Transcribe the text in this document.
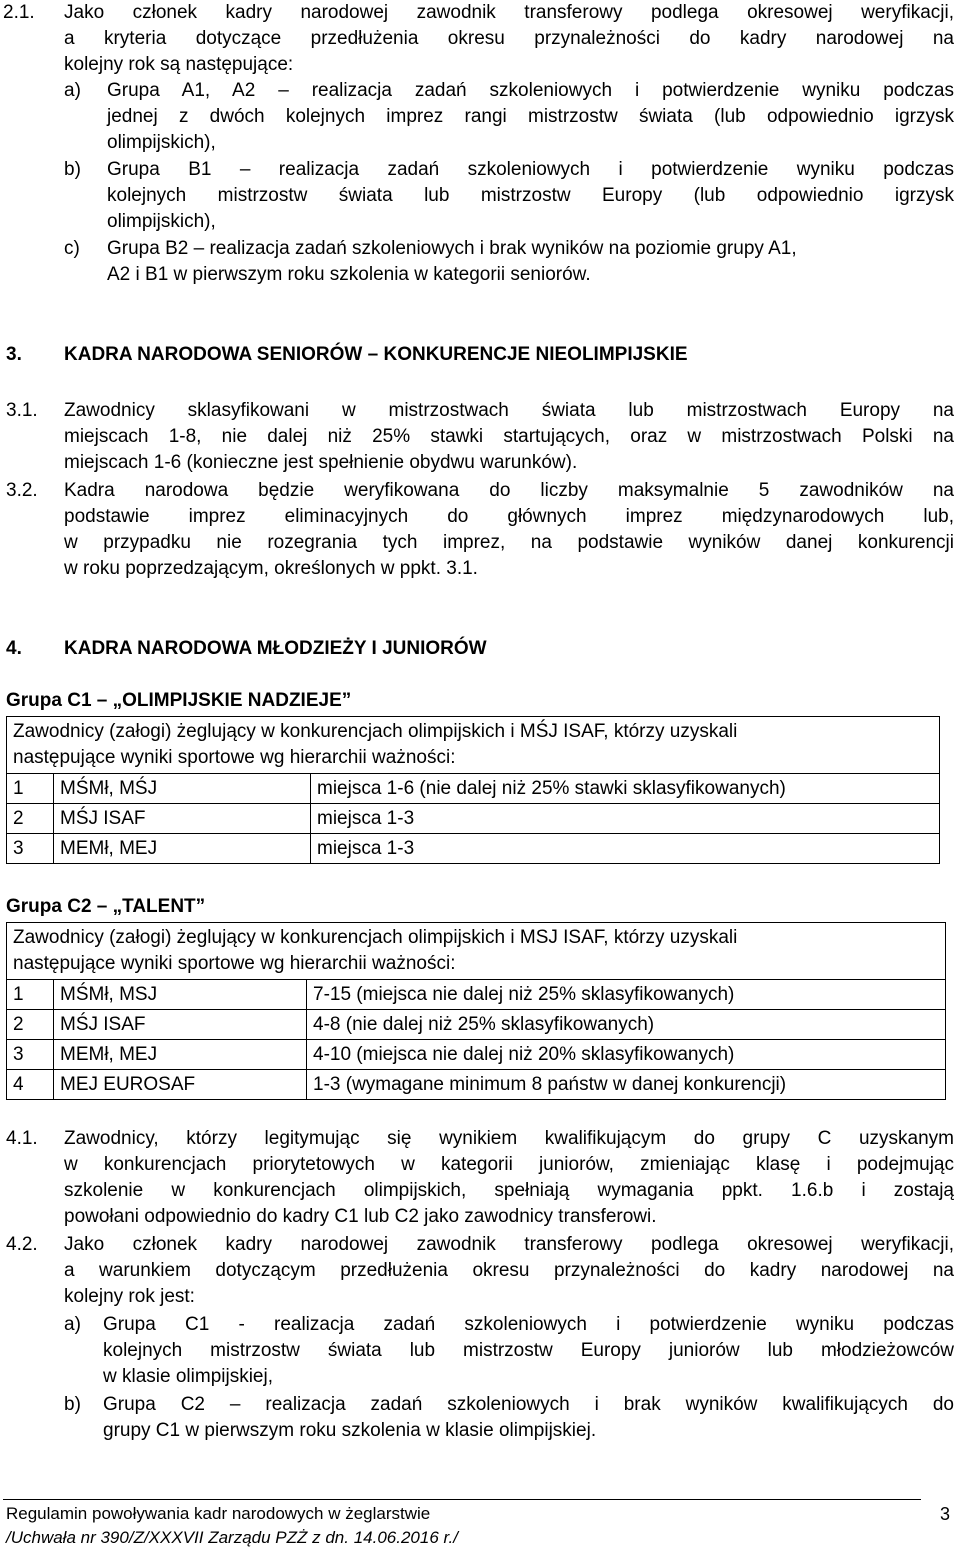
2.1. Jako członek kadry narodowej zawodnik transferowy podlega okresowej weryfikacji,
a kryteria dotyczące przedłużenia okresu przynależności do kadry narodowej na
kolejny rok są następujące:
a) Grupa A1, A2 – realizacja zadań szkoleniowych i potwierdzenie wyniku podczas
jednej z dwóch kolejnych imprez rangi mistrzostw świata (lub odpowiednio igrzysk
olimpijskich),
b) Grupa B1 – realizacja zadań szkoleniowych i potwierdzenie wyniku podczas
kolejnych mistrzostw świata lub mistrzostw Europy (lub odpowiednio igrzysk
olimpijskich),
c) Grupa B2 – realizacja zadań szkoleniowych i brak wyników na poziomie grupy A1,
A2 i B1 w pierwszym roku szkolenia w kategorii seniorów.
3. KADRA NARODOWA SENIORÓW – KONKURENCJE NIEOLIMPIJSKIE
3.1. Zawodnicy sklasyfikowani w mistrzostwach świata lub mistrzostwach Europy na
miejscach 1-8, nie dalej niż 25% stawki startujących, oraz w mistrzostwach Polski na
miejscach 1-6 (konieczne jest spełnienie obydwu warunków).
3.2. Kadra narodowa będzie weryfikowana do liczby maksymalnie 5 zawodników na
podstawie imprez eliminacyjnych do głównych imprez międzynarodowych lub,
w przypadku nie rozegrania tych imprez, na podstawie wyników danej konkurencji
w roku poprzedzającym, określonych w ppkt. 3.1.
4. KADRA NARODOWA MŁODZIEŻY I JUNIORÓW
Grupa C1 – „OLIMPIJSKIE NADZIEJE”
Zawodnicy (załogi) żeglujący w konkurencjach olimpijskich i MŚJ ISAF, którzy uzyskali
następujące wyniki sportowe wg hierarchii ważności:		

1	MŚMł, MŚJ	miejsca 1-6 (nie dalej niż 25% stawki sklasyfikowanych)
2	MŚJ ISAF	miejsca 1-3
3	MEMł, MEJ	miejsca 1-3
Grupa C2 – „TALENT”
Zawodnicy (załogi) żeglujący w konkurencjach olimpijskich i MSJ ISAF, którzy uzyskali
następujące wyniki sportowe wg hierarchii ważności:		

1	MŚMł, MSJ	7-15 (miejsca nie dalej niż 25% sklasyfikowanych)
2	MŚJ ISAF	4-8 (nie dalej niż 25% sklasyfikowanych)
3	MEMł, MEJ	4-10 (miejsca nie dalej niż 20% sklasyfikowanych)
4	MEJ EUROSAF	1-3 (wymagane minimum 8 państw w danej konkurencji)
4.1. Zawodnicy, którzy legitymując się wynikiem kwalifikującym do grupy C uzyskanym
w konkurencjach priorytetowych w kategorii juniorów, zmieniając klasę i podejmując
szkolenie w konkurencjach olimpijskich, spełniają wymagania ppkt. 1.6.b i zostają
powołani odpowiednio do kadry C1 lub C2 jako zawodnicy transferowi.
4.2. Jako członek kadry narodowej zawodnik transferowy podlega okresowej weryfikacji,
a warunkiem dotyczącym przedłużenia okresu przynależności do kadry narodowej na
kolejny rok jest:
a) Grupa C1 - realizacja zadań szkoleniowych i potwierdzenie wyniku podczas
kolejnych mistrzostw świata lub mistrzostw Europy juniorów lub młodzieżowców
w klasie olimpijskiej,
b) Grupa C2 – realizacja zadań szkoleniowych i brak wyników kwalifikujących do
grupy C1 w pierwszym roku szkolenia w klasie olimpijskiej.
Regulamin powoływania kadr narodowych w żeglarstwie
/Uchwała nr 390/Z/XXXVII Zarządu PZŻ z dn. 14.06.2016 r./
3
